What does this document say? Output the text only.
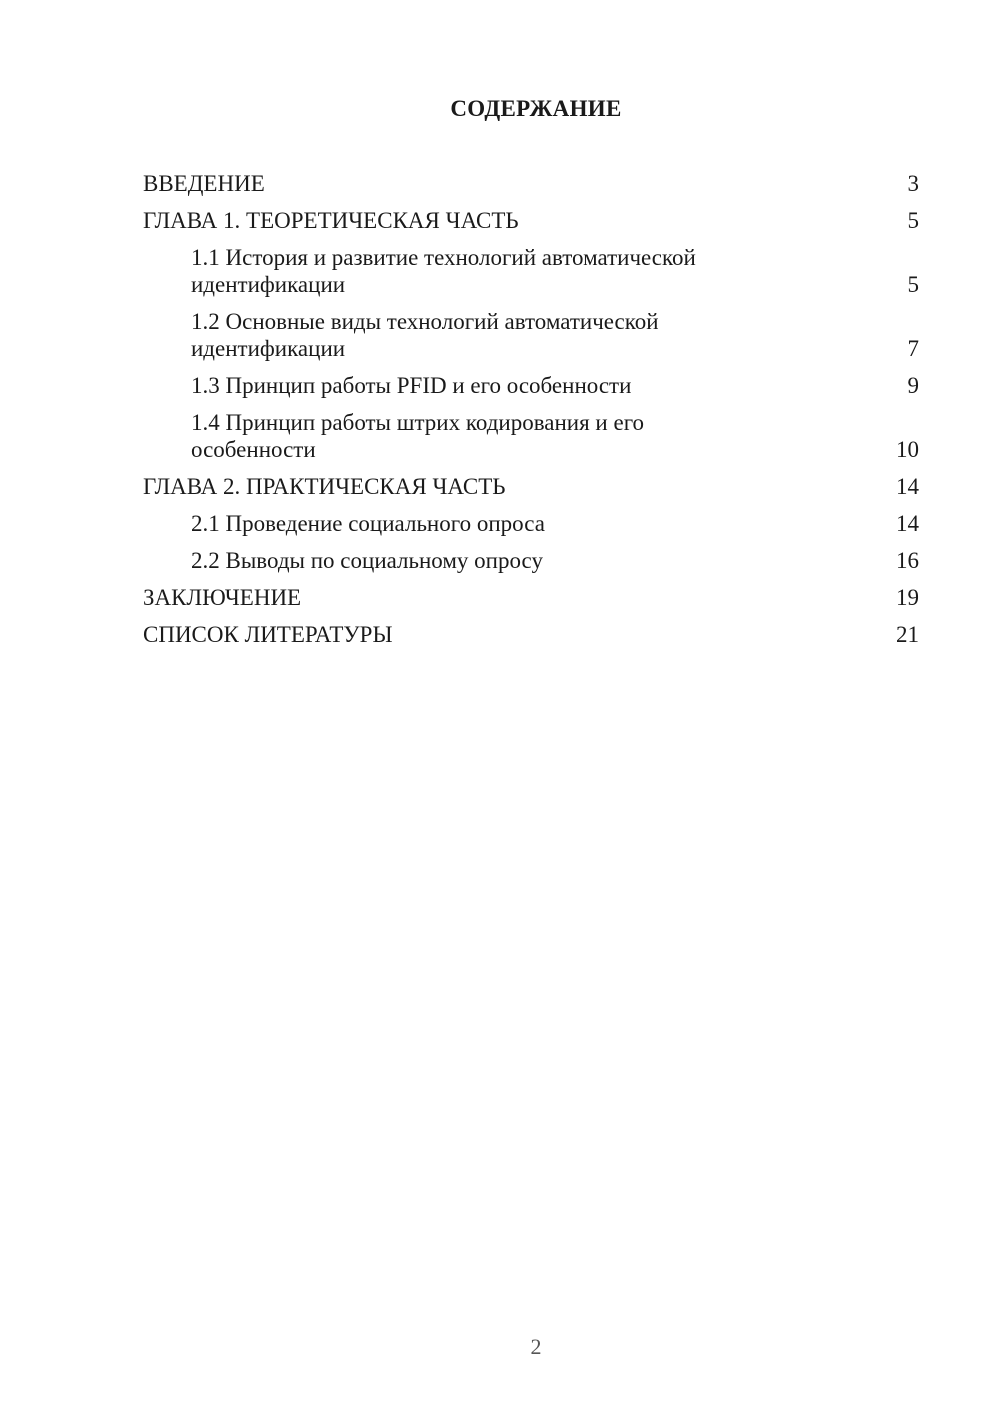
СОДЕРЖАНИЕ
ВВЕДЕНИЕ	3
ГЛАВА 1. ТЕОРЕТИЧЕСКАЯ ЧАСТЬ	5
1.1 История и развитие технологий автоматической идентификации	5
1.2 Основные виды технологий автоматической идентификации	7
1.3 Принцип работы PFID и его особенности	9
1.4 Принцип работы штрих кодирования и его особенности	10
ГЛАВА 2. ПРАКТИЧЕСКАЯ ЧАСТЬ	14
2.1 Проведение социального опроса	14
2.2 Выводы по социальному опросу	16
ЗАКЛЮЧЕНИЕ	19
СПИСОК ЛИТЕРАТУРЫ	21
2
